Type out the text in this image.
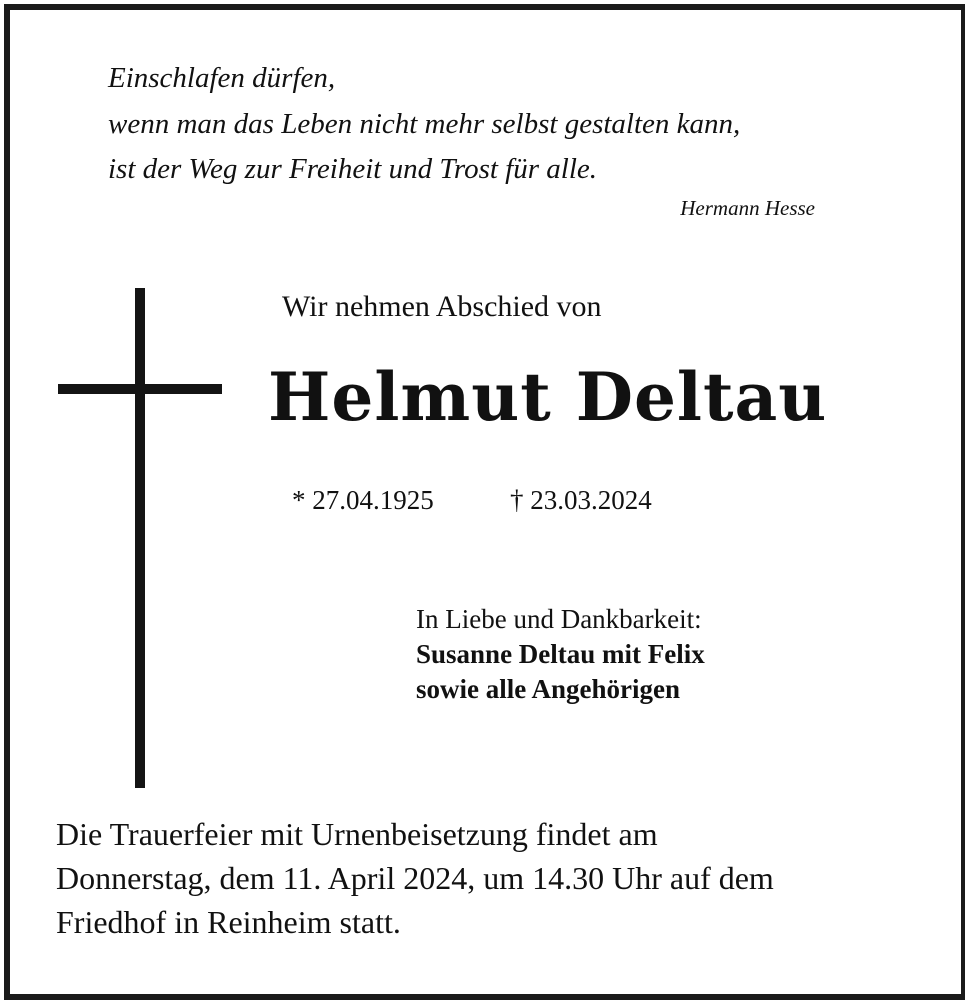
Einschlafen dürfen,
wenn man das Leben nicht mehr selbst gestalten kann,
ist der Weg zur Freiheit und Trost für alle.
Hermann Hesse
Wir nehmen Abschied von
Helmut Deltau
* 27.04.1925	† 23.03.2024
In Liebe und Dankbarkeit:
Susanne Deltau mit Felix
sowie alle Angehörigen
Die Trauerfeier mit Urnenbeisetzung findet am
Donnerstag, dem 11. April 2024, um 14.30 Uhr auf dem
Friedhof in Reinheim statt.
